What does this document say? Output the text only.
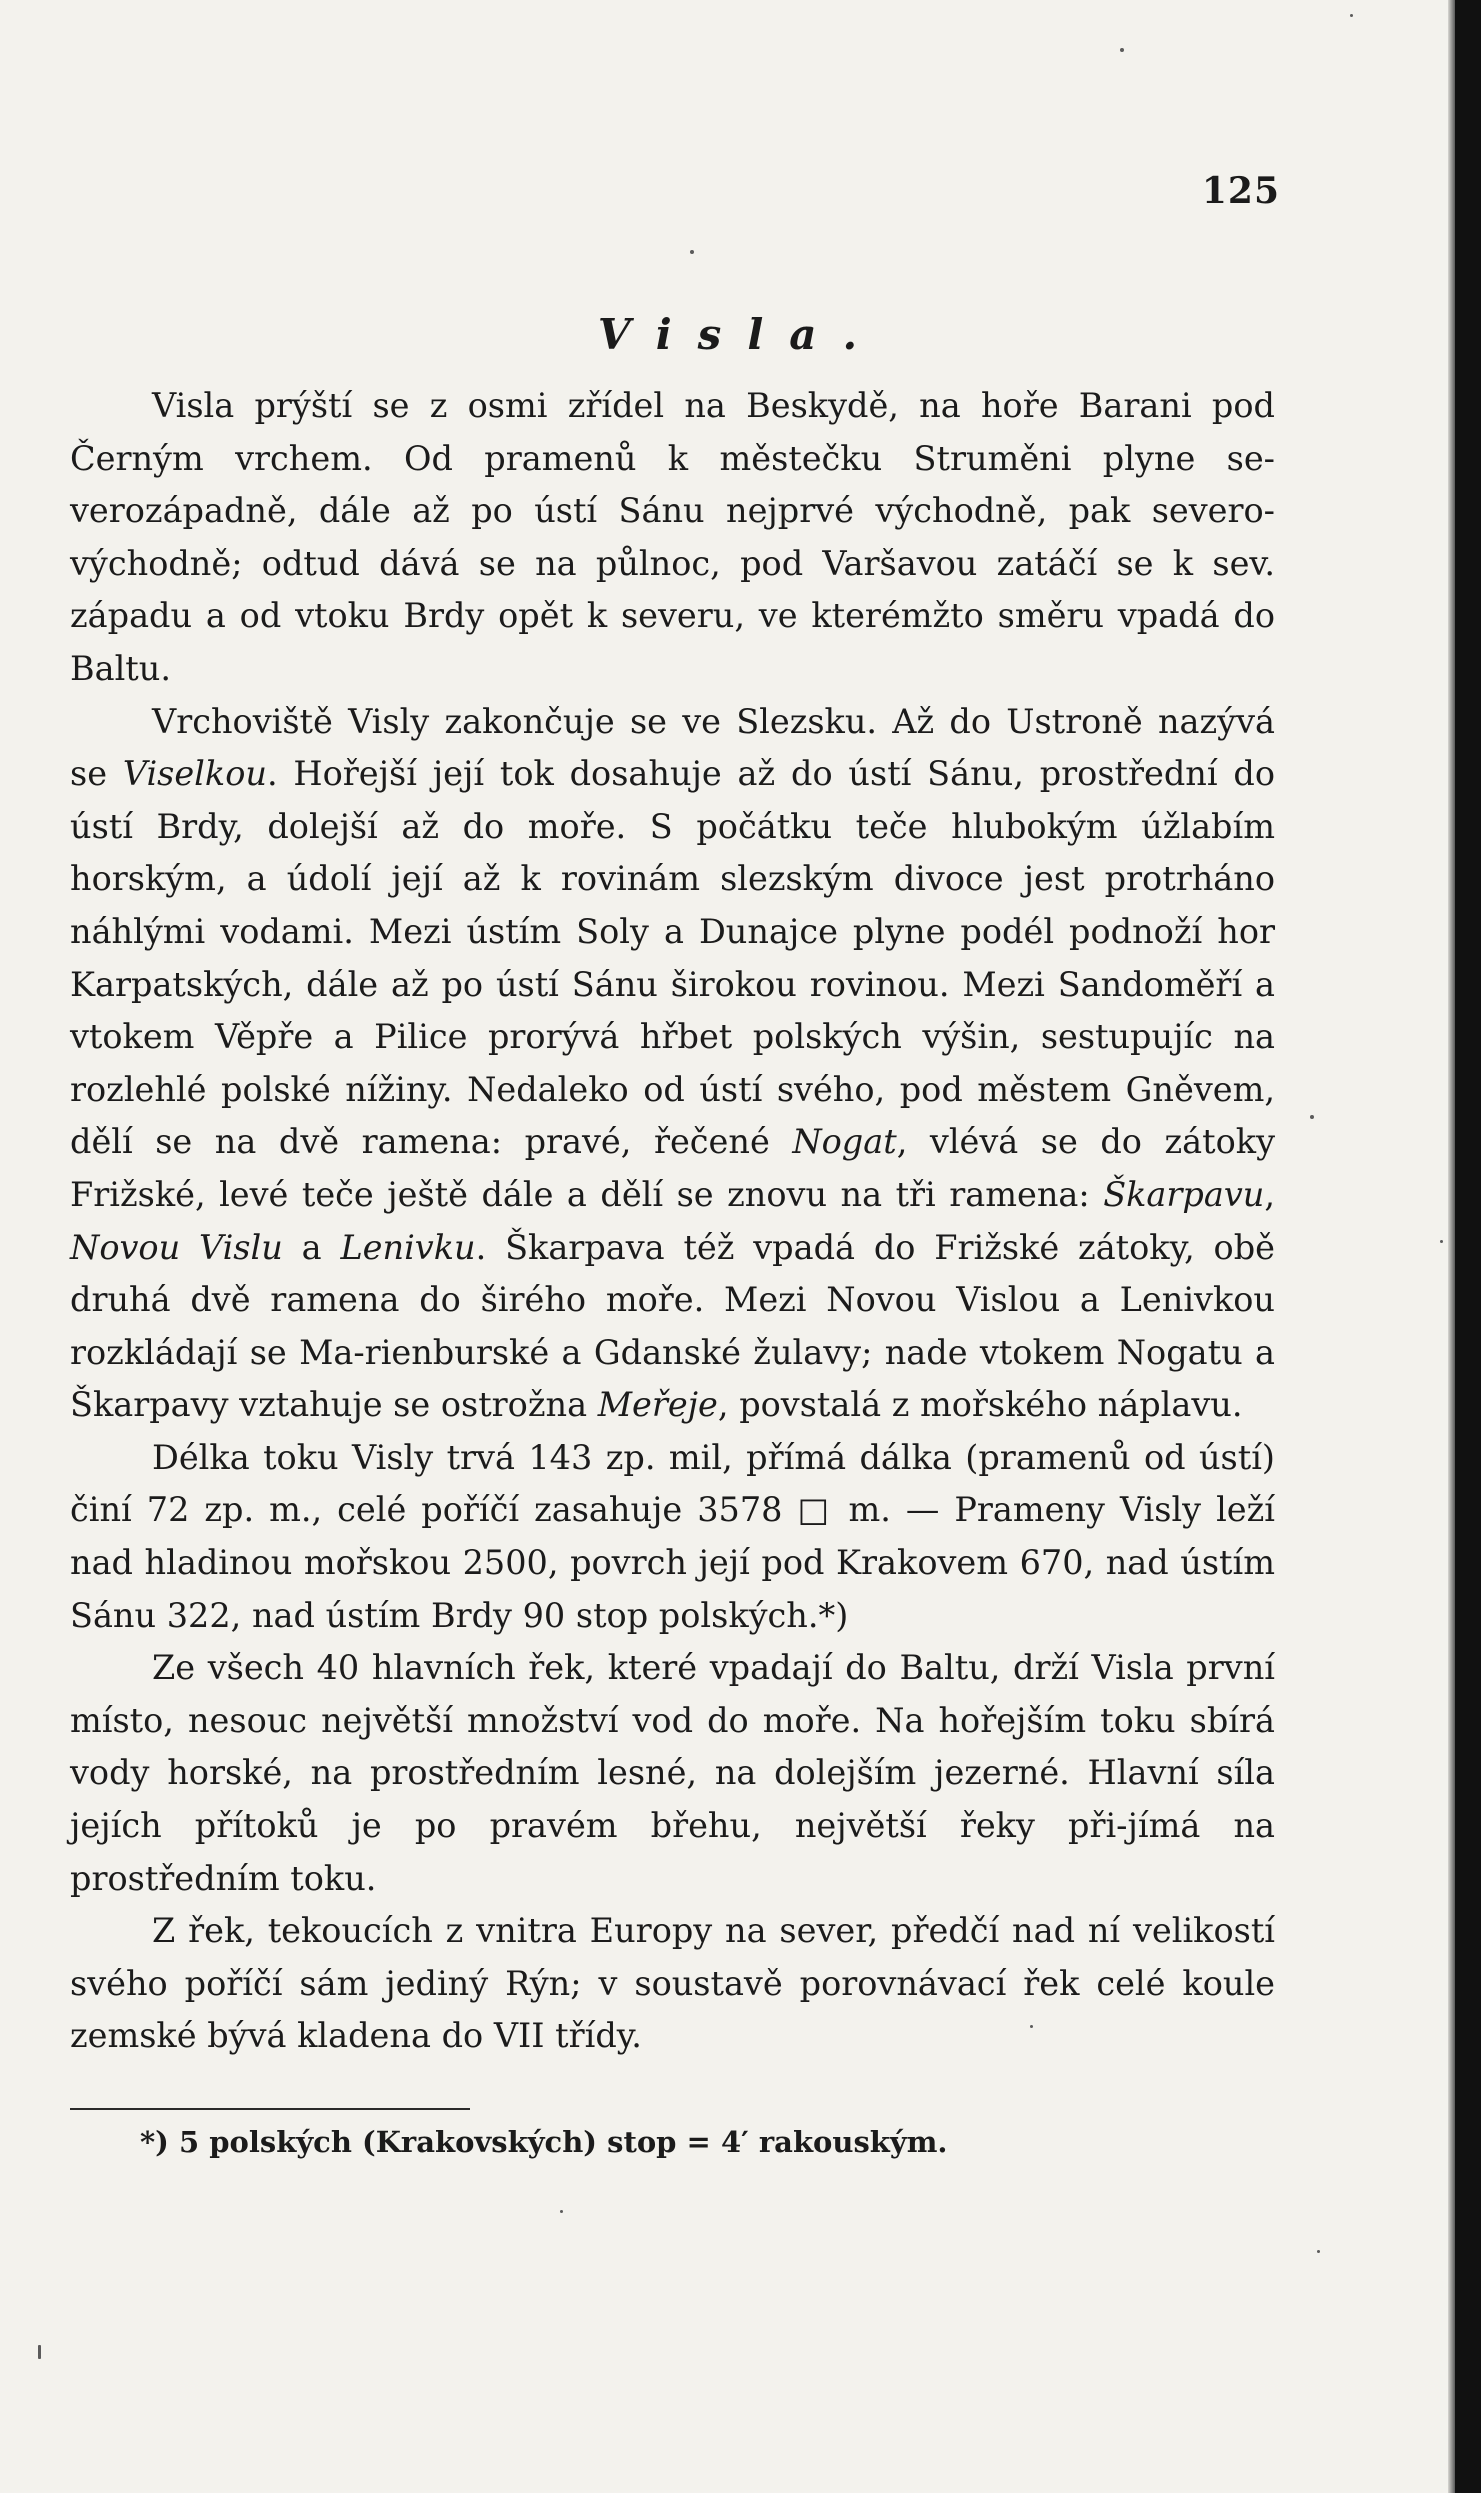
125
Visla.

Visla prýští se z osmi zřídel na Beskydě, na hoře Barani pod Černým vrchem. Od pramenů k městečku Struměni plyne se-verozápadně, dále až po ústí Sánu nejprvé východně, pak severo-východně; odtud dává se na půlnoc, pod Varšavou zatáčí se k sev. západu a od vtoku Brdy opět k severu, ve kterémžto směru vpadá do Baltu.

Vrchoviště Visly zakončuje se ve Slezsku. Až do Ustroně nazývá se Viselkou. Hořejší její tok dosahuje až do ústí Sánu, prostřední do ústí Brdy, dolejší až do moře. S počátku teče hlubokým úžlabím horským, a údolí její až k rovinám slezským divoce jest protrháno náhlými vodami. Mezi ústím Soly a Dunajce plyne podél podnoží hor Karpatských, dále až po ústí Sánu širokou rovinou. Mezi Sandoměří a vtokem Věpře a Pilice prorývá hřbet polských výšin, sestupujíc na rozlehlé polské nížiny. Nedaleko od ústí svého, pod městem Gněvem, dělí se na dvě ramena: pravé, řečené Nogat, vlévá se do zátoky Frižské, levé teče ještě dále a dělí se znovu na tři ramena: Škarpavu, Novou Vislu a Lenivku. Škarpava též vpadá do Frižské zátoky, obě druhá dvě ramena do širého moře. Mezi Novou Vislou a Lenivkou rozkládají se Ma-rienburské a Gdanské žulavy; nade vtokem Nogatu a Škarpavy vztahuje se ostrožna Meřeje, povstalá z mořského náplavu.

Délka toku Visly trvá 143 zp. mil, přímá dálka (pramenů od ústí) činí 72 zp. m., celé poříčí zasahuje 3578 □ m. — Prameny Visly leží nad hladinou mořskou 2500, povrch její pod Krakovem 670, nad ústím Sánu 322, nad ústím Brdy 90 stop polských.*)

Ze všech 40 hlavních řek, které vpadají do Baltu, drží Visla první místo, nesouc největší množství vod do moře. Na hořejším toku sbírá vody horské, na prostředním lesné, na dolejším jezerné. Hlavní síla jejích přítoků je po pravém břehu, největší řeky při-jímá na prostředním toku.

Z řek, tekoucích z vnitra Europy na sever, předčí nad ní velikostí svého poříčí sám jediný Rýn; v soustavě porovnávací řek celé koule zemské bývá kladena do VII třídy.

*) 5 polských (Krakovských) stop = 4′ rakouským.
